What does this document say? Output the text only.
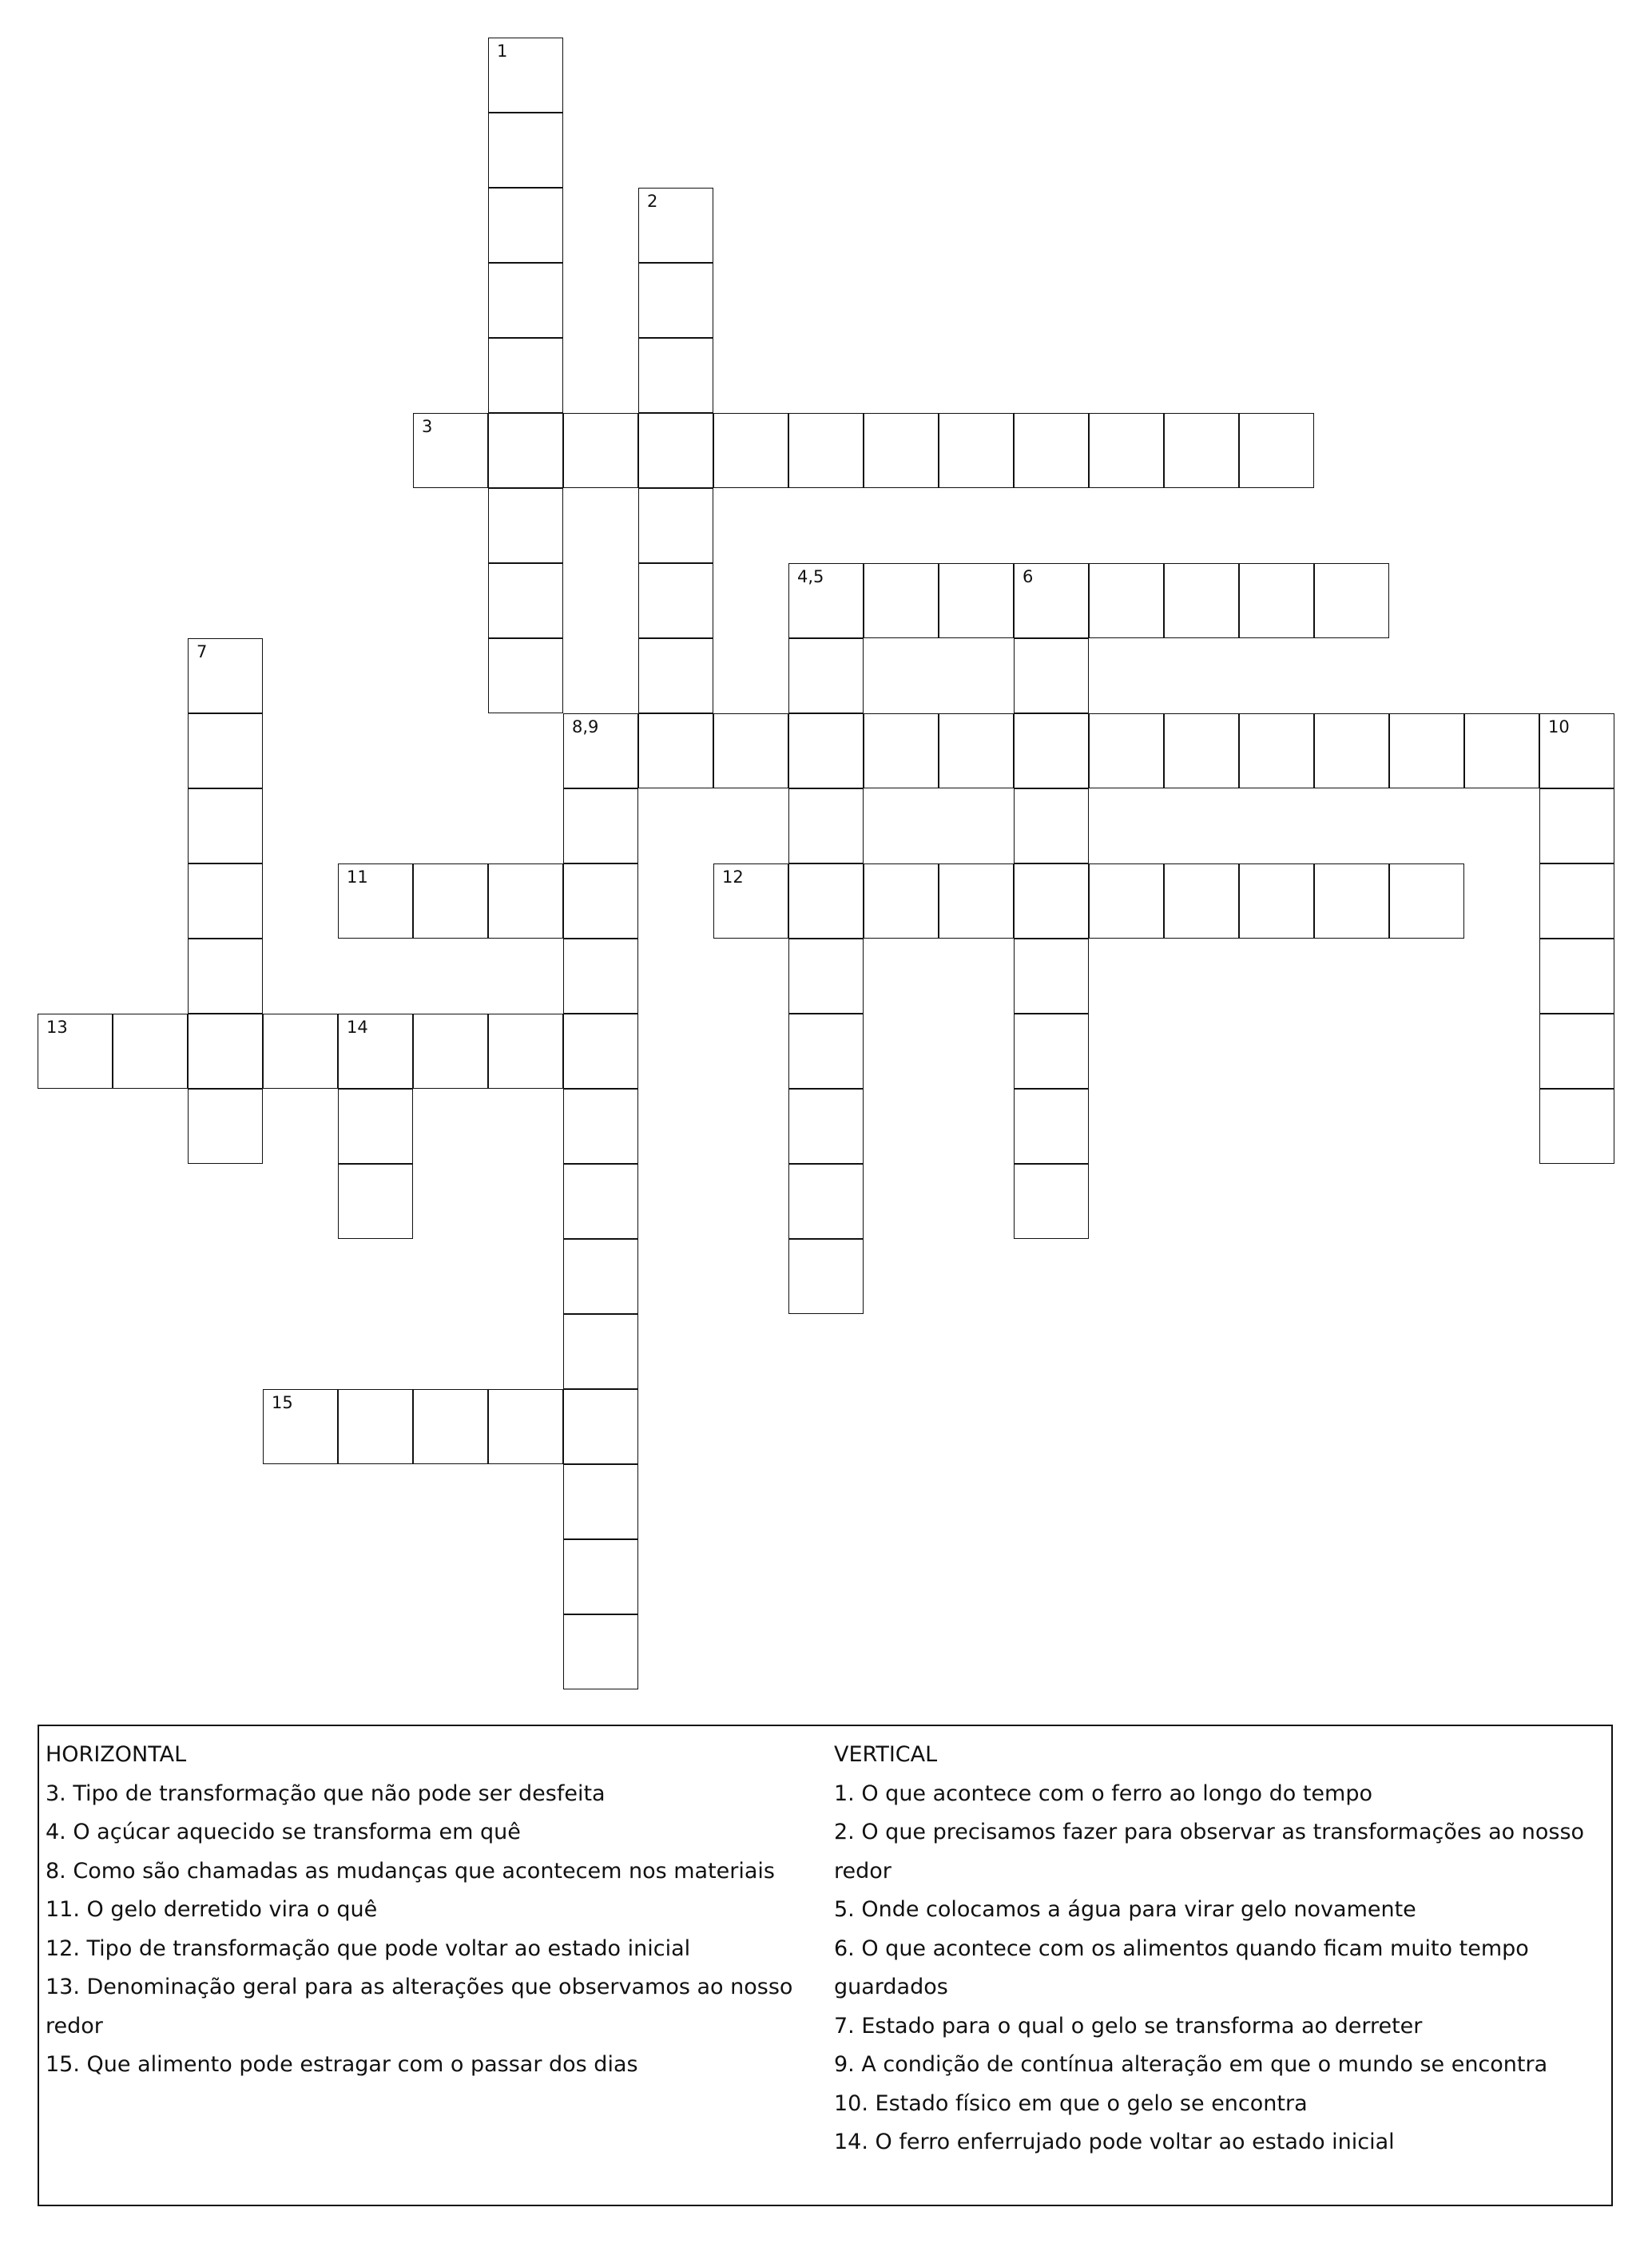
1
2
3
4,5	6
7
8,9	10
11	12
13	14
15
HORIZONTAL
3. Tipo de transformação que não pode ser desfeita
4. O açúcar aquecido se transforma em quê
8. Como são chamadas as mudanças que acontecem nos materiais
11. O gelo derretido vira o quê
12. Tipo de transformação que pode voltar ao estado inicial
13. Denominação geral para as alterações que observamos ao nosso redor
15. Que alimento pode estragar com o passar dos dias
VERTICAL
1. O que acontece com o ferro ao longo do tempo
2. O que precisamos fazer para observar as transformações ao nosso redor
5. Onde colocamos a água para virar gelo novamente
6. O que acontece com os alimentos quando ficam muito tempo guardados
7. Estado para o qual o gelo se transforma ao derreter
9. A condição de contínua alteração em que o mundo se encontra
10. Estado físico em que o gelo se encontra
14. O ferro enferrujado pode voltar ao estado inicial
